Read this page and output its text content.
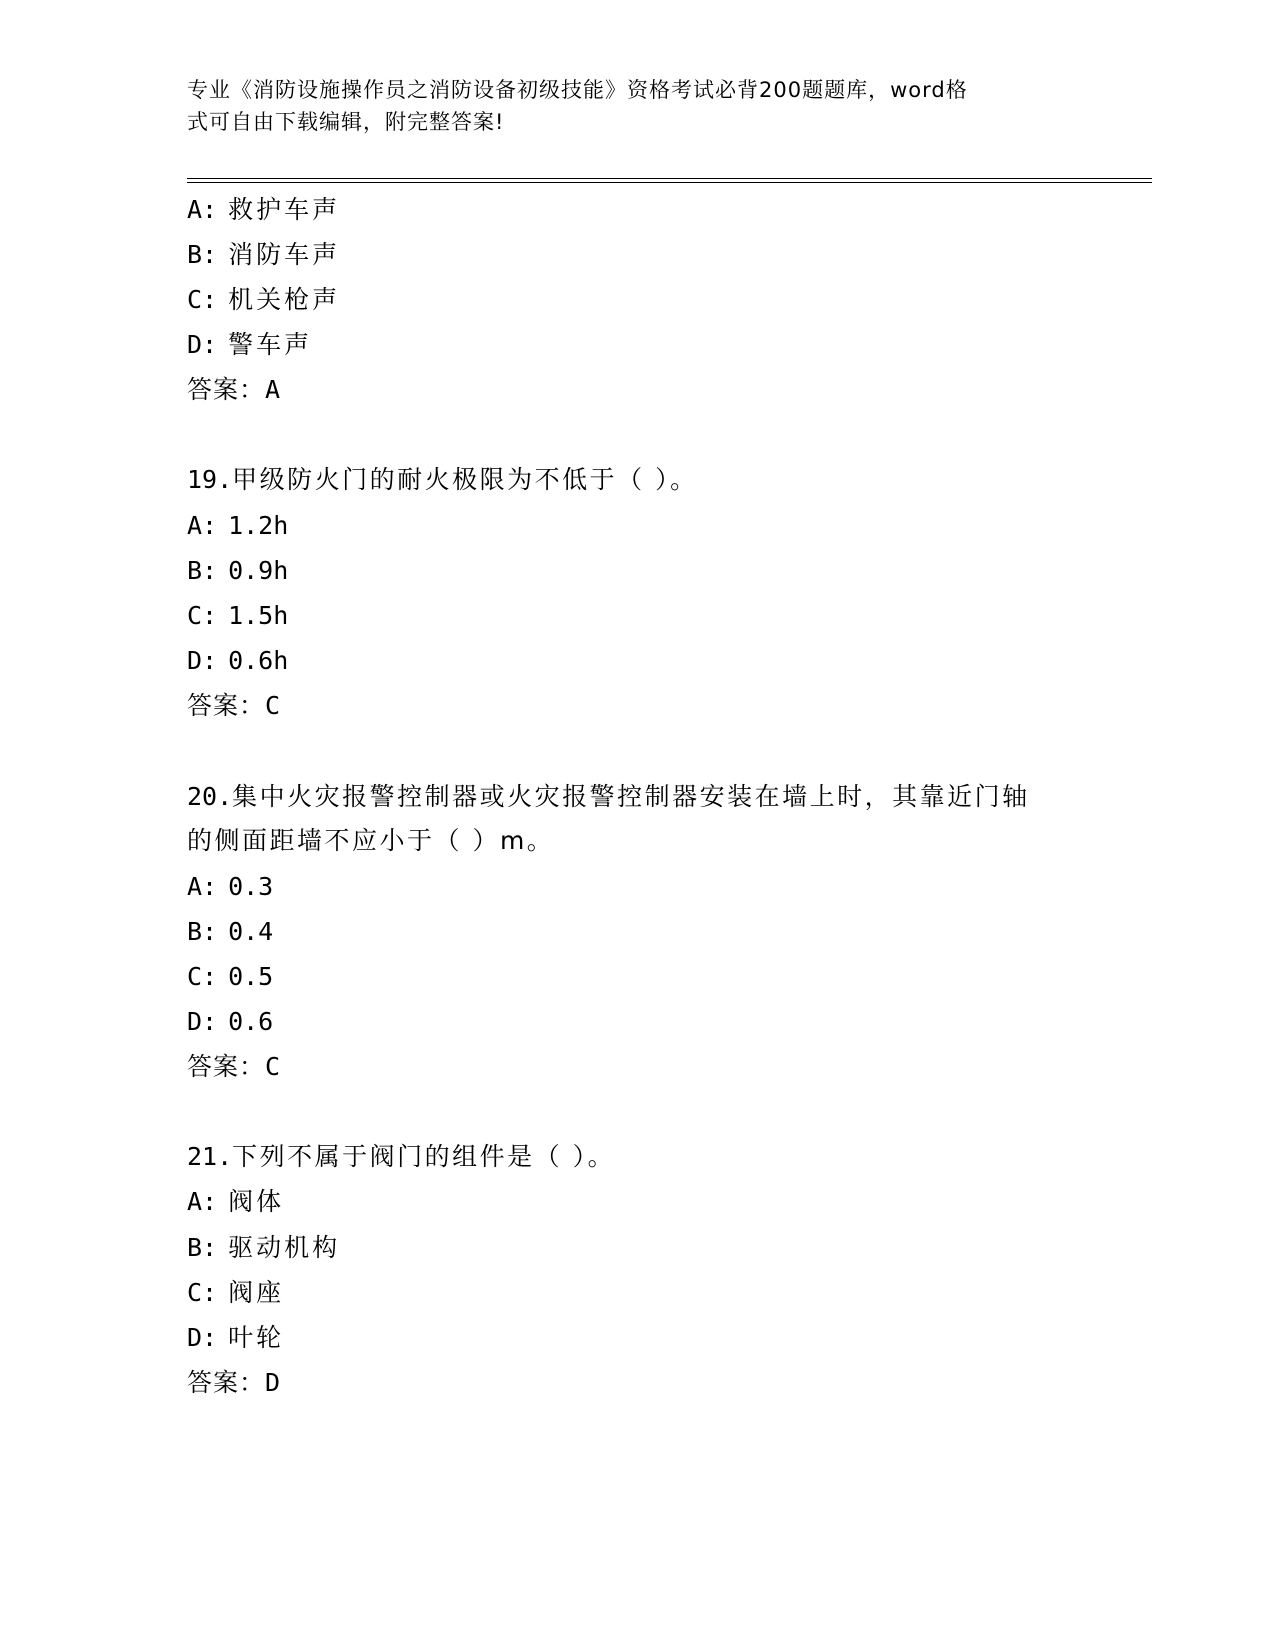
专业《消防设施操作员之消防设备初级技能》资格考试必背200题题库，word格
式可自由下载编辑，附完整答案!
A: 救护车声
B: 消防车声
C: 机关枪声
D: 警车声
答案：A
19.甲级防火门的耐火极限为不低于（ ）。
A: 1.2h
B: 0.9h
C: 1.5h
D: 0.6h
答案：C
20.集中火灾报警控制器或火灾报警控制器安装在墙上时，其靠近门轴
的侧面距墙不应小于（ ）m。
A: 0.3
B: 0.4
C: 0.5
D: 0.6
答案：C
21.下列不属于阀门的组件是（ ）。
A: 阀体
B: 驱动机构
C: 阀座
D: 叶轮
答案：D
